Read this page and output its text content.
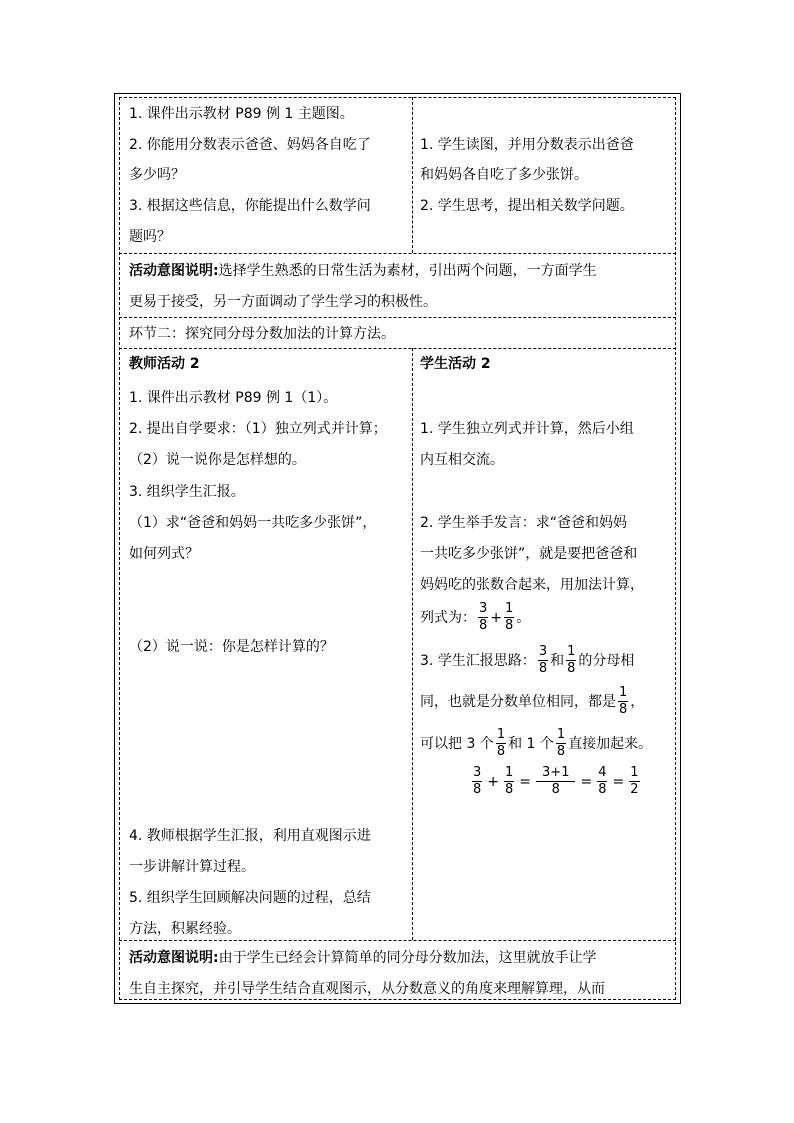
1. 课件出示教材 P89 例 1 主题图。
2. 你能用分数表示爸爸、妈妈各自吃了
多少吗？
3. 根据这些信息，你能提出什么数学问
题吗？
1. 学生读图，并用分数表示出爸爸
和妈妈各自吃了多少张饼。
2. 学生思考，提出相关数学问题。
活动意图说明:选择学生熟悉的日常生活为素材，引出两个问题，一方面学生
更易于接受，另一方面调动了学生学习的积极性。
环节二：探究同分母分数加法的计算方法。
教师活动 2
1. 课件出示教材 P89 例 1（1）。
2. 提出自学要求：（1）独立列式并计算；
（2）说一说你是怎样想的。
3. 组织学生汇报。
（1）求“爸爸和妈妈一共吃多少张饼”，
如何列式？
（2）说一说：你是怎样计算的？
4. 教师根据学生汇报，利用直观图示进
一步讲解计算过程。
5. 组织学生回顾解决问题的过程，总结
方法，积累经验。
学生活动 2
1. 学生独立列式并计算，然后小组
内互相交流。
2. 学生举手发言：求“爸爸和妈妈
一共吃多少张饼”，就是要把爸爸和
妈妈吃的张数合起来，用加法计算，
列式为： $\frac{3}{8} + \frac{1}{8}$ 。
3. 学生汇报思路： $\frac{3}{8}$ 和 $\frac{1}{8}$ 的分母相
同，也就是分数单位相同，都是 $\frac{1}{8}$ ，
可以把 3 个 $\frac{1}{8}$ 和 1 个 $\frac{1}{8}$ 直接加起来。
$\frac{3}{8} + \frac{1}{8} = \frac{3+1}{8} = \frac{4}{8} = \frac{1}{2}$
活动意图说明:由于学生已经会计算简单的同分母分数加法，这里就放手让学
生自主探究，并引导学生结合直观图示，从分数意义的角度来理解算理，从而
